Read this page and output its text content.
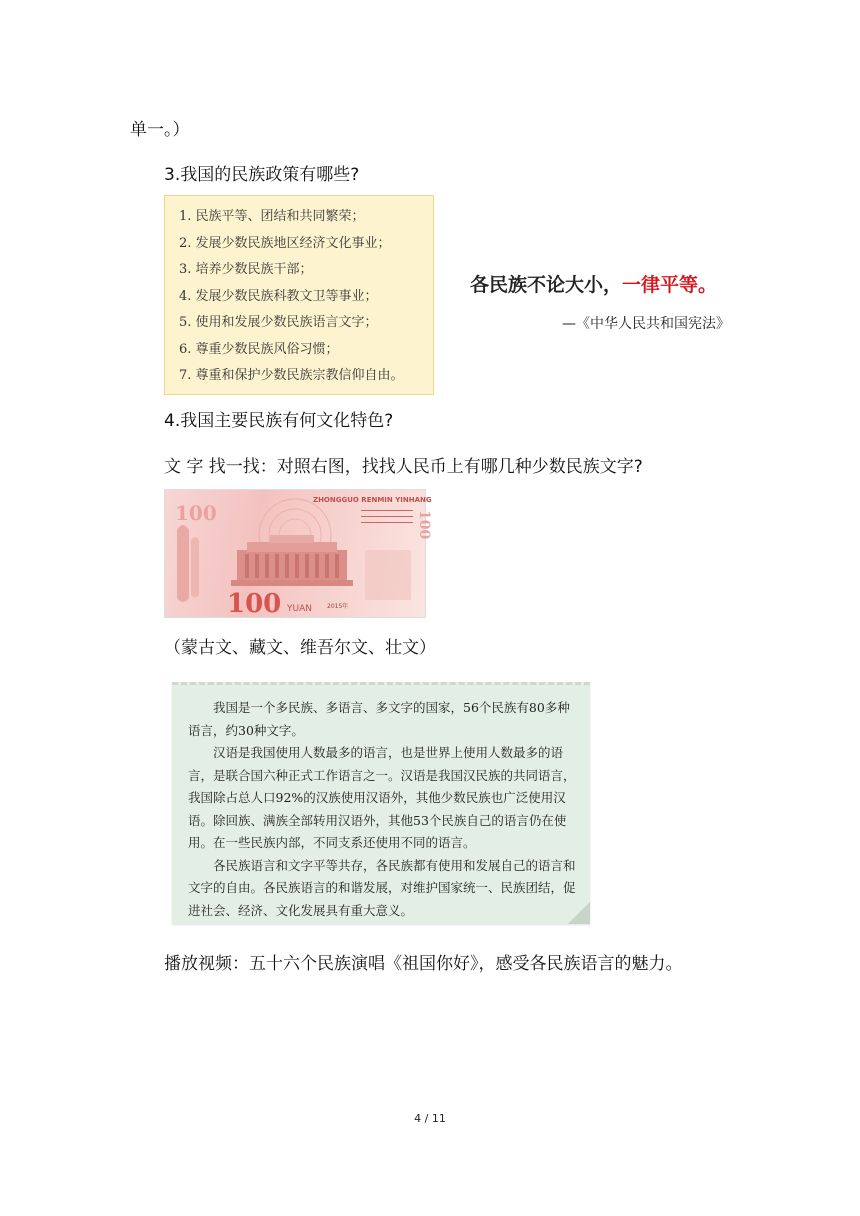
单一。）
3.我国的民族政策有哪些?
1. 民族平等、团结和共同繁荣；
2. 发展少数民族地区经济文化事业；
3. 培养少数民族干部；
4. 发展少数民族科教文卫等事业；
5. 使用和发展少数民族语言文字；
6. 尊重少数民族风俗习惯；
7. 尊重和保护少数民族宗教信仰自由。
各民族不论大小，一律平等。
—《中华人民共和国宪法》
4.我国主要民族有何文化特色?
文 字 找一找：对照右图，找找人民币上有哪几种少数民族文字?
100
100 YUAN
ZHONGGUO RENMIN YINHANG
2015年
100
（蒙古文、藏文、维吾尔文、壮文）

我国是一个多民族、多语言、多文字的国家，56个民族有80多种语言，约30种文字。

汉语是我国使用人数最多的语言，也是世界上使用人数最多的语言，是联合国六种正式工作语言之一。汉语是我国汉民族的共同语言，我国除占总人口92%的汉族使用汉语外，其他少数民族也广泛使用汉语。除回族、满族全部转用汉语外，其他53个民族自己的语言仍在使用。在一些民族内部，不同支系还使用不同的语言。

各民族语言和文字平等共存，各民族都有使用和发展自己的语言和文字的自由。各民族语言的和谐发展，对维护国家统一、民族团结，促进社会、经济、文化发展具有重大意义。

播放视频：五十六个民族演唱《祖国你好》，感受各民族语言的魅力。
4 / 11
